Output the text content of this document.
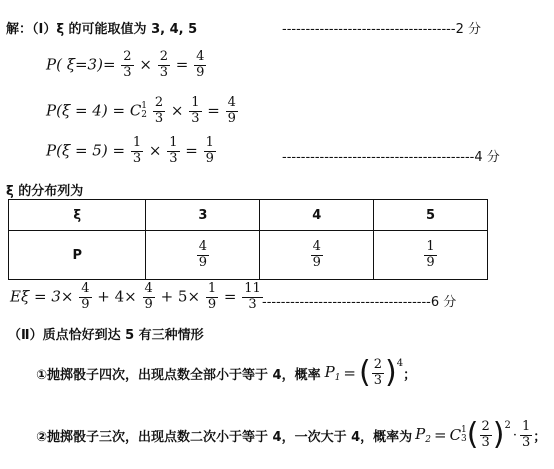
解：（Ⅰ）ξ 的可能取值为 3, 4, 5	-------------------------------------2 分
P( $\xi=3)= \frac{2}{3} \times \frac{2}{3} = \frac{4}{9}$
P(ξ = 4) = C 1
2
$\frac{2}{3} \times \frac{1}{3} = \frac{4}{9}$
$P(\xi = 5) = \frac{1}{3} \times \frac{1}{3} = \frac{1}{9}$	-----------------------------------------4 分
ξ 的分布列为
ξ	3	4	5
P	$\frac{4}{9}$	$\frac{4}{9}$	$\frac{1}{9}$
$E\xi = 3\times \frac{4}{9} + 4\times \frac{4}{9} + 5\times \frac{1}{9} = \frac{11}{3} ------------------------------------6$ 分
（Ⅱ）质点恰好到达 5 有三种情形
①抛掷骰子四次，出现点数全部小于等于 4，概率 $P_1$ = ( $\frac{2}{3}$ ) 4
；
②抛掷骰子三次，出现点数二次小于等于 4，一次大于 4，概率为 $P_2 = C$ 1
3 ( $\frac{2}{3}$ ) 2
· $\frac{1}{3}$ ；
